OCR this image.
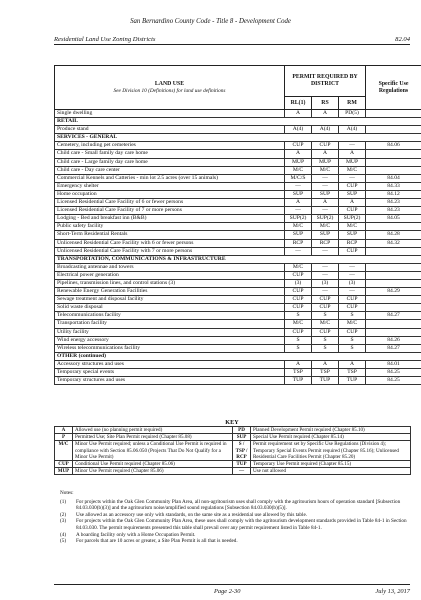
San Bernardino County Code - Title 8 - Development Code
Residential Land Use Zoning Districts	82.04
LAND USE
See Division 10 (Definitions) for land use definitions	PERMIT REQUIRED BY DISTRICT			Specific Use Regulations
	RL(1)	RS	RM	
Single dwelling	A	A	PD(5)	
RETAIL				
Produce stand	A(4)	A(4)	A(4)	
SERVICES - GENERAL				
Cemetery, including pet cemeteries	CUP	CUP	—	84.06
Child care - Small family day care home	A	A	A	
Child care - Large family day care home	MUP	MUP	MUP	
Child care - Day care center	M/C	M/C	M/C	
Commercial Kennels and Catteries - min lot 2.5 acres (over 15 animals)	M/C/S	—	—	84.04
Emergency shelter	—	—	CUP	84.33
Home occupation	SUP	SUP	SUP	84.12
Licensed Residential Care Facility of 6 or fewer persons	A	A	A	84.23
Licensed Residential Care Facility of 7 or more persons	—	—	CUP	84.23
Lodging - Bed and breakfast inn (B&B)	SUP(2)	SUP(2)	SUP(2)	84.05
Public safety facility	M/C	M/C	M/C	
Short-Term Residential Rentals	SUP	SUP	SUP	84.28
Unlicensed Residential Care Facility with 6 or fewer persons	RCP	RCP	RCP	84.32
Unlicensed Residential Care Facility with 7 or more persons	—	—	CUP	
TRANSPORTATION, COMMUNICATIONS & INFRASTRUCTURE				
Broadcasting antennae and towers	M/C	—	—	
Electrical power generation	CUP	—	—	
Pipelines, transmission lines, and control stations (3)	(3)	(3)	(3)	
Renewable Energy Generation Facilities	CUP	—	—	84.29
Sewage treatment and disposal facility	CUP	CUP	CUP	
Solid waste disposal	CUP	CUP	CUP	
Telecommunications facility	S	S	S	84.27
Transportation facility	M/C	M/C	M/C	
Utility facility	CUP	CUP	CUP	
Wind energy accessory	S	S	S	84.26
Wireless telecommunications facility	S	S	S	84.27
OTHER (continued)				
Accessory structures and uses	A	A	A	84.01
Temporary special events	TSP	TSP	TSP	84.25
Temporary structures and uses	TUP	TUP	TUP	84.25
KEY
A	Allowed use (no planning permit required)	PD	Planned Development Permit required (Chapter 85.10)
P	Permitted Use; Site Plan Permit required (Chapter 85.08)	SUP	Special Use Permit required (Chapter 85.14)
M/C	Minor Use Permit required; unless a Conditional Use Permit is required in compliance with Section 85.06.050 (Projects That Do Not Qualify for a Minor Use Permit)	S / TSP / RCP	Permit requirement set by Specific Use Regulations (Division 4); Temporary Special Events Permit required (Chapter 85.16); Unlicensed Residential Care Facilities Permit (Chapter 85.20)
CUP	Conditional Use Permit required (Chapter 85.06)	TUP	Temporary Use Permit required (Chapter 85.15)
MUP	Minor Use Permit required (Chapter 85.06)	—	Use not allowed
Notes:
(1)	For projects within the Oak Glen Community Plan Area, all non-agritourism uses shall comply with the agritourism hours of operation standard [Subsection 84.03.030(b)(3)] and the agritourism noise/amplified sound regulations [Subsection 84.03.030(b)(5)].
(2)	Use allowed as an accessory use only with standards, on the same site as a residential use allowed by this table.
(3)	For projects within the Oak Glen Community Plan Area, these uses shall comply with the agritourism development standards provided in Table 84-1 in Section 84.03.030. The permit requirements presented this table shall prevail over any permit requirement listed in Table 84-1.
(4)	A boarding facility only with a Home Occupation Permit.
(5)	For parcels that are 10 acres or greater, a Site Plan Permit is all that is needed.
Page 2-30	July 13, 2017
